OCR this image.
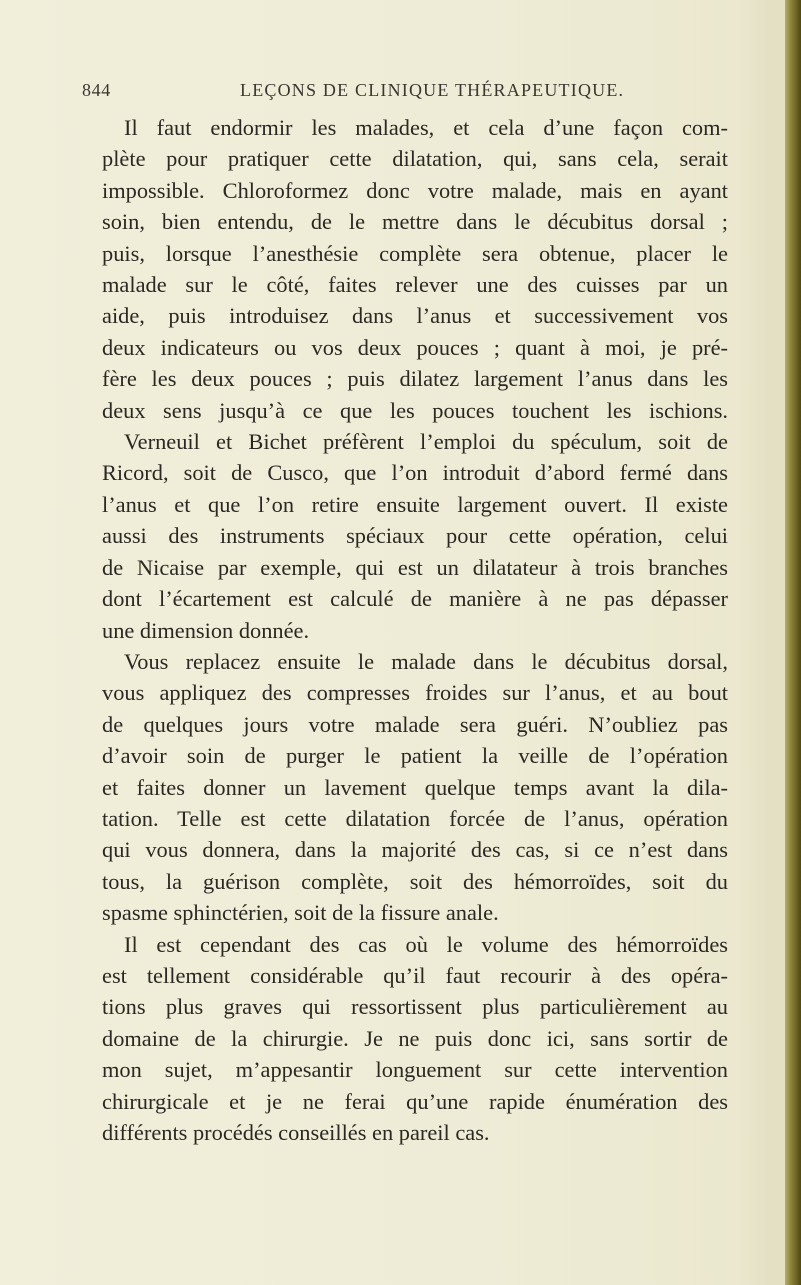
844	LEÇONS DE CLINIQUE THÉRAPEUTIQUE.
Il faut endormir les malades, et cela d’une façon com-
plète pour pratiquer cette dilatation, qui, sans cela, serait
impossible. Chloroformez donc votre malade, mais en ayant
soin, bien entendu, de le mettre dans le décubitus dorsal ;
puis, lorsque l’anesthésie complète sera obtenue, placer le
malade sur le côté, faites relever une des cuisses par un
aide, puis introduisez dans l’anus et successivement vos
deux indicateurs ou vos deux pouces ; quant à moi, je pré-
fère les deux pouces ; puis dilatez largement l’anus dans les
deux sens jusqu’à ce que les pouces touchent les ischions.
Verneuil et Bichet préfèrent l’emploi du spéculum, soit de
Ricord, soit de Cusco, que l’on introduit d’abord fermé dans
l’anus et que l’on retire ensuite largement ouvert. Il existe
aussi des instruments spéciaux pour cette opération, celui
de Nicaise par exemple, qui est un dilatateur à trois branches
dont l’écartement est calculé de manière à ne pas dépasser
une dimension donnée.
Vous replacez ensuite le malade dans le décubitus dorsal,
vous appliquez des compresses froides sur l’anus, et au bout
de quelques jours votre malade sera guéri. N’oubliez pas
d’avoir soin de purger le patient la veille de l’opération
et faites donner un lavement quelque temps avant la dila-
tation. Telle est cette dilatation forcée de l’anus, opération
qui vous donnera, dans la majorité des cas, si ce n’est dans
tous, la guérison complète, soit des hémorroïdes, soit du
spasme sphinctérien, soit de la fissure anale.
Il est cependant des cas où le volume des hémorroïdes
est tellement considérable qu’il faut recourir à des opéra-
tions plus graves qui ressortissent plus particulièrement au
domaine de la chirurgie. Je ne puis donc ici, sans sortir de
mon sujet, m’appesantir longuement sur cette intervention
chirurgicale et je ne ferai qu’une rapide énumération des
différents procédés conseillés en pareil cas.
